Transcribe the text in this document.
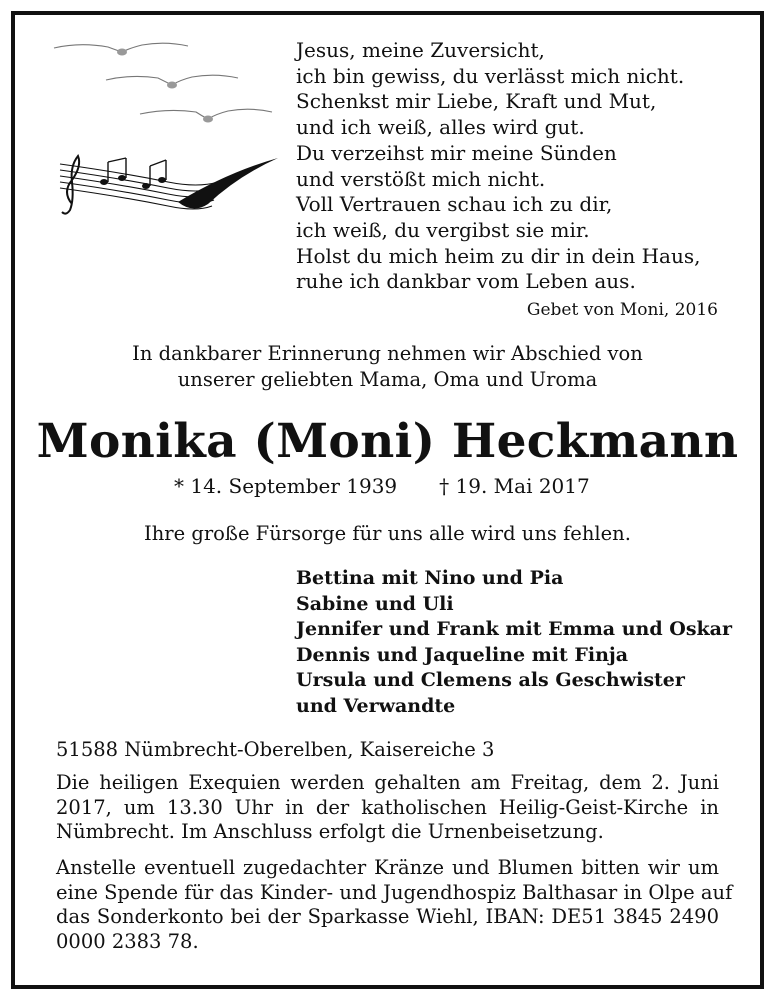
Jesus, meine Zuversicht,
ich bin gewiss, du verlässt mich nicht.
Schenkst mir Liebe, Kraft und Mut,
und ich weiß, alles wird gut.
Du verzeihst mir meine Sünden
und verstößt mich nicht.
Voll Vertrauen schau ich zu dir,
ich weiß, du vergibst sie mir.
Holst du mich heim zu dir in dein Haus,
ruhe ich dankbar vom Leben aus.
Gebet von Moni, 2016
In dankbarer Erinnerung nehmen wir Abschied von
unserer geliebten Mama, Oma und Uroma
Monika (Moni) Heckmann
* 14. September 1939 † 19. Mai 2017
Ihre große Fürsorge für uns alle wird uns fehlen.
Bettina mit Nino und Pia
Sabine und Uli
Jennifer und Frank mit Emma und Oskar
Dennis und Jaqueline mit Finja
Ursula und Clemens als Geschwister
und Verwandte
51588 Nümbrecht-Oberelben, Kaisereiche 3
Die heiligen Exequien werden gehalten am Freitag, dem 2. Juni
2017, um 13.30 Uhr in der katholischen Heilig-Geist-Kirche in
Nümbrecht. Im Anschluss erfolgt die Urnenbeisetzung.
Anstelle eventuell zugedachter Kränze und Blumen bitten wir um
eine Spende für das Kinder- und Jugendhospiz Balthasar in Olpe auf
das Sonderkonto bei der Sparkasse Wiehl, IBAN: DE51 3845 2490
0000 2383 78.
